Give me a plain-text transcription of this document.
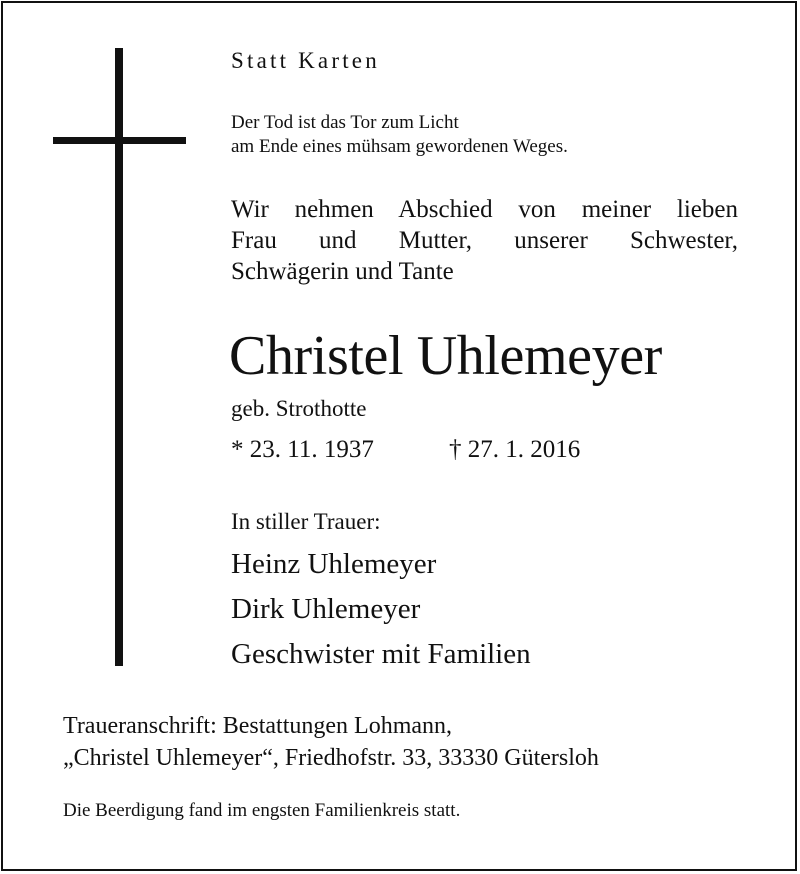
Statt Karten

Der Tod ist das Tor zum Licht

am Ende eines mühsam gewordenen Weges.

Wir nehmen Abschied von meiner lieben

Frau und Mutter, unserer Schwester,

Schwägerin und Tante

Christel Uhlemeyer

geb. Strothotte

* 23. 11. 1937	† 27. 1. 2016

In stiller Trauer:

Heinz Uhlemeyer

Dirk Uhlemeyer

Geschwister mit Familien

Traueranschrift: Bestattungen Lohmann,

„Christel Uhlemeyer“, Friedhofstr. 33, 33330 Gütersloh

Die Beerdigung fand im engsten Familienkreis statt.
